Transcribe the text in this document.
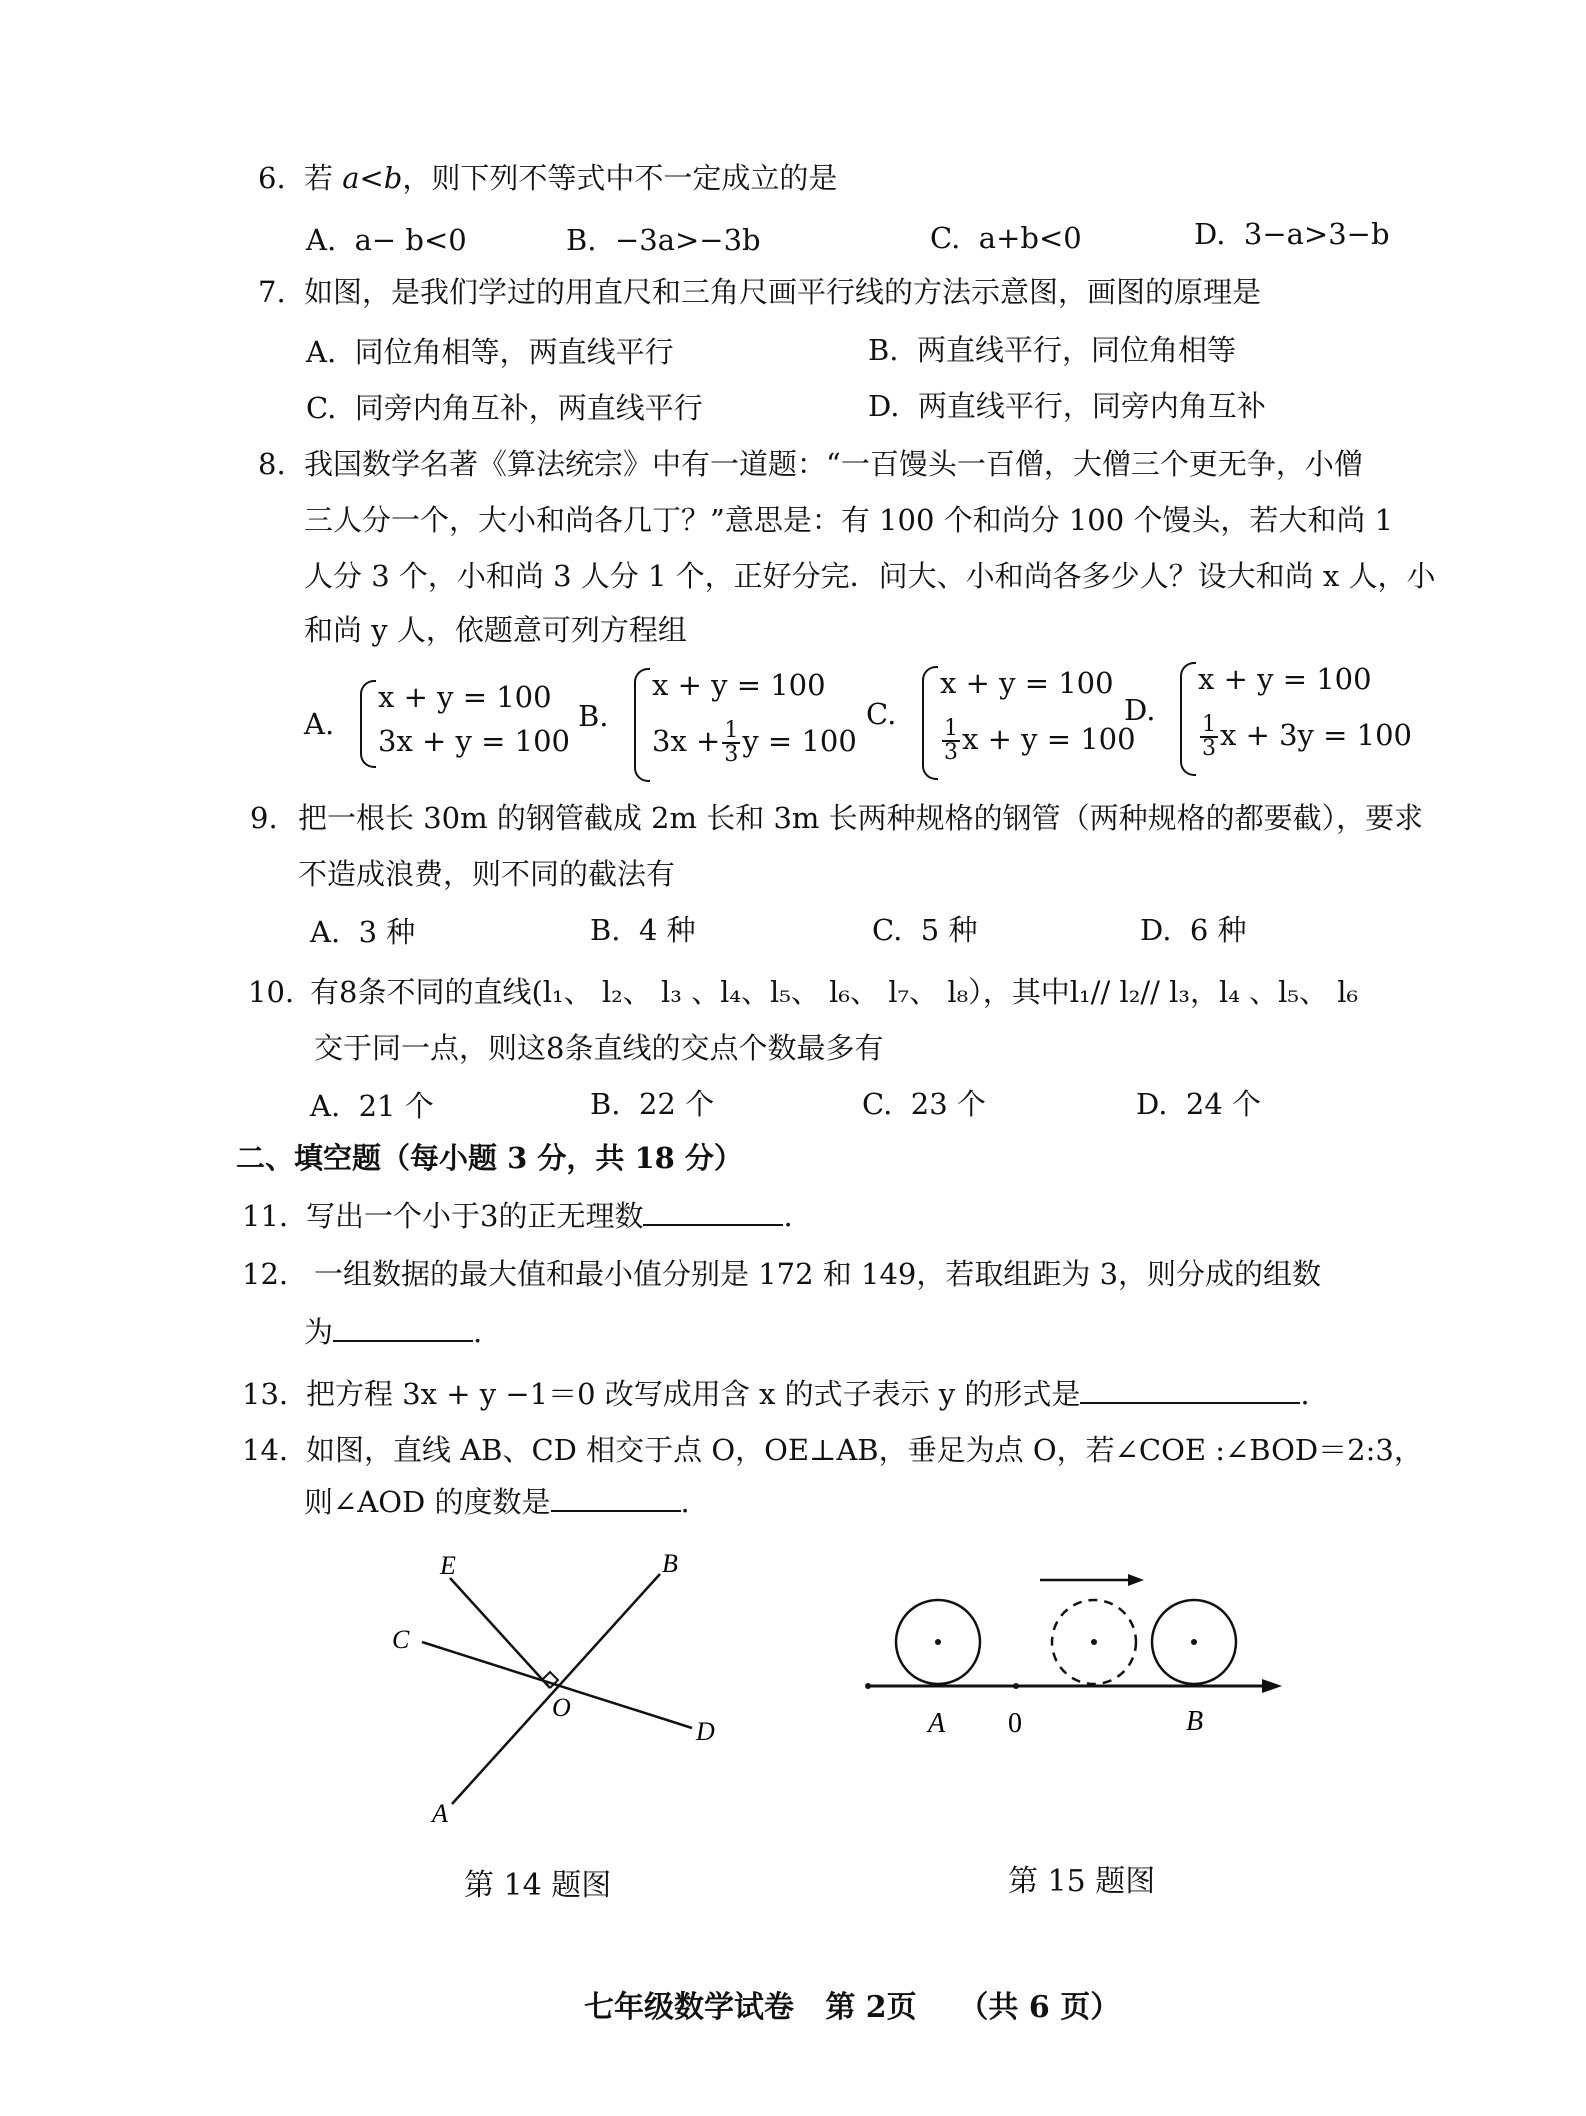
6. 若 a<b，则下列不等式中不一定成立的是
A.  a− b<0	B.  −3a>−3b	C.  a+b<0	D.  3−a>3−b
7. 如图，是我们学过的用直尺和三角尺画平行线的方法示意图，画图的原理是
A.  同位角相等，两直线平行	B.  两直线平行，同位角相等
C.  同旁内角互补，两直线平行	D.  两直线平行，同旁内角互补
8. 我国数学名著《算法统宗》中有一道题：“一百馒头一百僧，大僧三个更无争，小僧
三人分一个，大小和尚各几丁？”意思是：有 100 个和尚分 100 个馒头，若大和尚 1
人分 3 个，小和尚 3 人分 1 个，正好分完．问大、小和尚各多少人？设大和尚 x 人，小
和尚 y 人，依题意可列方程组
A.
x + y = 100
3x + y = 100
B.
x + y = 100
$3x + \frac{1}{3}$ y = 100
C.
x + y = 100
$\frac{1}{3}$ x + y = 100
D.
x + y = 100
$\frac{1}{3}$ x + 3y = 100
9. 把一根长 30m 的钢管截成 2m 长和 3m 长两种规格的钢管（两种规格的都要截），要求
不造成浪费，则不同的截法有
A.  3 种	B.  4 种	C.  5 种	D.  6 种
10. 有8条不同的直线(l₁、 l₂、 l₃ 、l₄、l₅、 l₆、 l₇、 l₈），其中l₁// l₂// l₃，l₄ 、l₅、 l₆
交于同一点，则这8条直线的交点个数最多有
A.  21 个	B.  22 个	C.  23 个	D.  24 个
二、填空题（每小题 3 分，共 18 分）
11. 写出一个小于3的正无理数	.
12. 一组数据的最大值和最小值分别是 172 和 149，若取组距为 3，则分成的组数
为	.
13. 把方程 3x + y −1＝0 改写成用含 x 的式子表示 y 的形式是	.
14. 如图，直线 AB、CD 相交于点 O，OE⊥AB，垂足为点 O，若∠COE :∠BOD＝2:3，
则∠AOD 的度数是	.
E	B
C
O
D
A
第 14 题图
A 0	B
第 15 题图
七年级数学试卷   第 2页    （共 6 页）
